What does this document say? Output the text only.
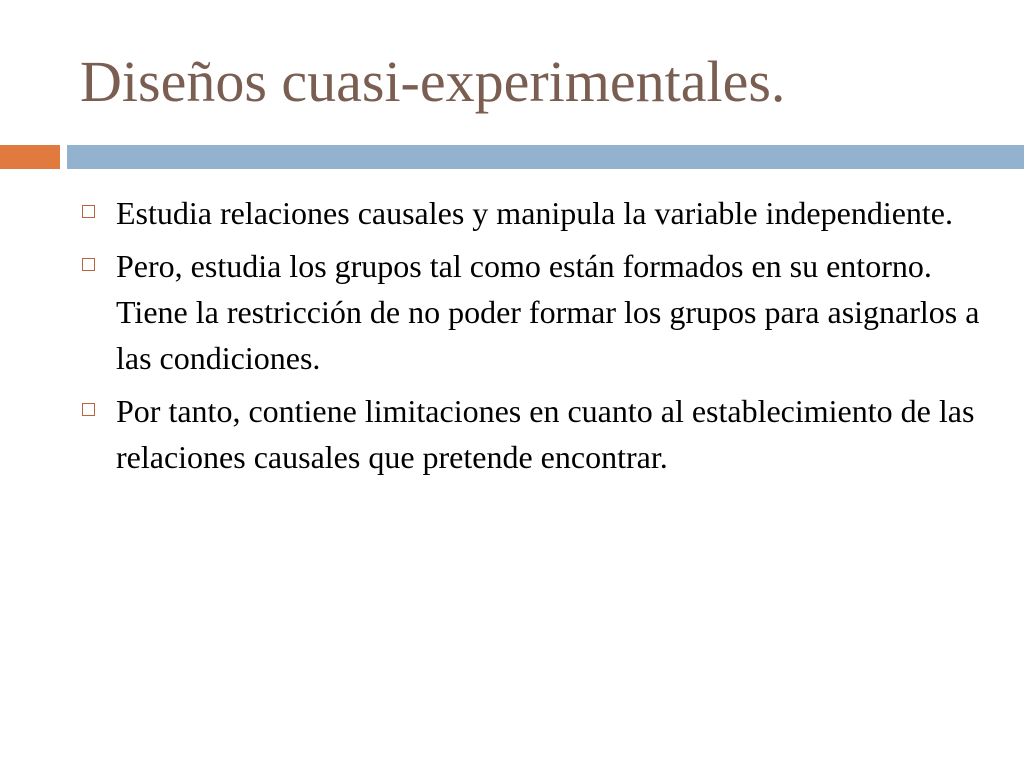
Diseños cuasi-experimentales.
Estudia relaciones causales y manipula la variable independiente.
Pero, estudia los grupos tal como están formados en su entorno. Tiene la restricción de no poder formar los grupos para asignarlos a las condiciones.
Por tanto, contiene limitaciones en cuanto al establecimiento de las relaciones causales que pretende encontrar.
